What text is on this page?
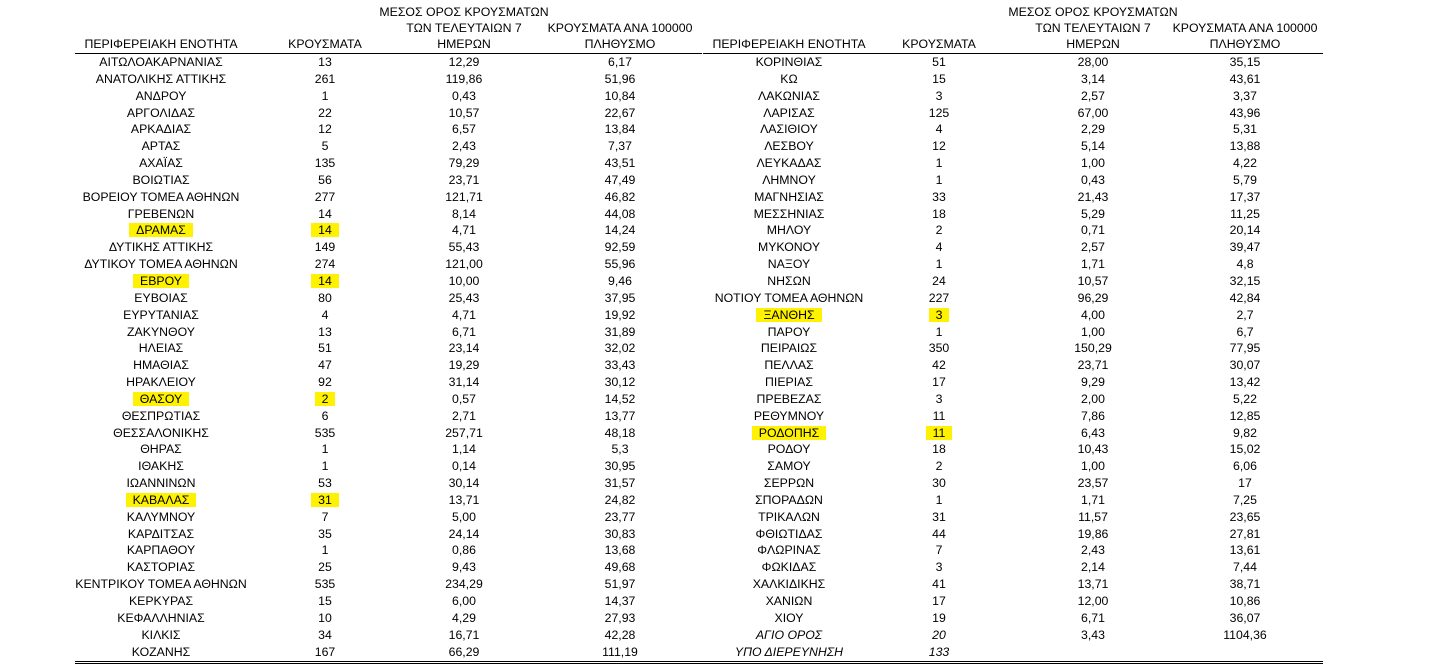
ΠΕΡΙΦΕΡΕΙΑΚΗ ΕΝΟΤΗΤΑ	ΚΡΟΥΣΜΑΤΑ
ΜΕΣΟΣ ΟΡΟΣ ΚΡΟΥΣΜΑΤΩΝ
ΤΩΝ ΤΕΛΕΥΤΑΙΩΝ 7
ΗΜΕΡΩΝ
ΚΡΟΥΣΜΑΤΑ ΑΝΑ 100000
ΠΛΗΘΥΣΜΟ
ΑΙΤΩΛΟΑΚΑΡΝΑΝΙΑΣ	13	12,29	6,17
ΑΝΑΤΟΛΙΚΗΣ ΑΤΤΙΚΗΣ	261	119,86	51,96
ΑΝΔΡΟΥ	1	0,43	10,84
ΑΡΓΟΛΙΔΑΣ	22	10,57	22,67
ΑΡΚΑΔΙΑΣ	12	6,57	13,84
ΑΡΤΑΣ	5	2,43	7,37
ΑΧΑΪΑΣ	135	79,29	43,51
ΒΟΙΩΤΙΑΣ	56	23,71	47,49
ΒΟΡΕΙΟΥ ΤΟΜΕΑ ΑΘΗΝΩΝ	277	121,71	46,82
ΓΡΕΒΕΝΩΝ	14	8,14	44,08
ΔΡΑΜΑΣ	14	4,71	14,24
ΔΥΤΙΚΗΣ ΑΤΤΙΚΗΣ	149	55,43	92,59
ΔΥΤΙΚΟΥ ΤΟΜΕΑ ΑΘΗΝΩΝ	274	121,00	55,96
ΕΒΡΟΥ	14	10,00	9,46
ΕΥΒΟΙΑΣ	80	25,43	37,95
ΕΥΡΥΤΑΝΙΑΣ	4	4,71	19,92
ΖΑΚΥΝΘΟΥ	13	6,71	31,89
ΗΛΕΙΑΣ	51	23,14	32,02
ΗΜΑΘΙΑΣ	47	19,29	33,43
ΗΡΑΚΛΕΙΟΥ	92	31,14	30,12
ΘΑΣΟΥ	2	0,57	14,52
ΘΕΣΠΡΩΤΙΑΣ	6	2,71	13,77
ΘΕΣΣΑΛΟΝΙΚΗΣ	535	257,71	48,18
ΘΗΡΑΣ	1	1,14	5,3
ΙΘΑΚΗΣ	1	0,14	30,95
ΙΩΑΝΝΙΝΩΝ	53	30,14	31,57
ΚΑΒΑΛΑΣ	31	13,71	24,82
ΚΑΛΥΜΝΟΥ	7	5,00	23,77
ΚΑΡΔΙΤΣΑΣ	35	24,14	30,83
ΚΑΡΠΑΘΟΥ	1	0,86	13,68
ΚΑΣΤΟΡΙΑΣ	25	9,43	49,68
ΚΕΝΤΡΙΚΟΥ ΤΟΜΕΑ ΑΘΗΝΩΝ	535	234,29	51,97
ΚΕΡΚΥΡΑΣ	15	6,00	14,37
ΚΕΦΑΛΛΗΝΙΑΣ	10	4,29	27,93
ΚΙΛΚΙΣ	34	16,71	42,28
ΚΟΖΑΝΗΣ	167	66,29	111,19
ΠΕΡΙΦΕΡΕΙΑΚΗ ΕΝΟΤΗΤΑ	ΚΡΟΥΣΜΑΤΑ
ΜΕΣΟΣ ΟΡΟΣ ΚΡΟΥΣΜΑΤΩΝ
ΤΩΝ ΤΕΛΕΥΤΑΙΩΝ 7
ΗΜΕΡΩΝ
ΚΡΟΥΣΜΑΤΑ ΑΝΑ 100000
ΠΛΗΘΥΣΜΟ
ΚΟΡΙΝΘΙΑΣ	51	28,00	35,15
ΚΩ	15	3,14	43,61
ΛΑΚΩΝΙΑΣ	3	2,57	3,37
ΛΑΡΙΣΑΣ	125	67,00	43,96
ΛΑΣΙΘΙΟΥ	4	2,29	5,31
ΛΕΣΒΟΥ	12	5,14	13,88
ΛΕΥΚΑΔΑΣ	1	1,00	4,22
ΛΗΜΝΟΥ	1	0,43	5,79
ΜΑΓΝΗΣΙΑΣ	33	21,43	17,37
ΜΕΣΣΗΝΙΑΣ	18	5,29	11,25
ΜΗΛΟΥ	2	0,71	20,14
ΜΥΚΟΝΟΥ	4	2,57	39,47
ΝΑΞΟΥ	1	1,71	4,8
ΝΗΣΩΝ	24	10,57	32,15
ΝΟΤΙΟΥ ΤΟΜΕΑ ΑΘΗΝΩΝ	227	96,29	42,84
ΞΑΝΘΗΣ	3	4,00	2,7
ΠΑΡΟΥ	1	1,00	6,7
ΠΕΙΡΑΙΩΣ	350	150,29	77,95
ΠΕΛΛΑΣ	42	23,71	30,07
ΠΙΕΡΙΑΣ	17	9,29	13,42
ΠΡΕΒΕΖΑΣ	3	2,00	5,22
ΡΕΘΥΜΝΟΥ	11	7,86	12,85
ΡΟΔΟΠΗΣ	11	6,43	9,82
ΡΟΔΟΥ	18	10,43	15,02
ΣΑΜΟΥ	2	1,00	6,06
ΣΕΡΡΩΝ	30	23,57	17
ΣΠΟΡΑΔΩΝ	1	1,71	7,25
ΤΡΙΚΑΛΩΝ	31	11,57	23,65
ΦΘΙΩΤΙΔΑΣ	44	19,86	27,81
ΦΛΩΡΙΝΑΣ	7	2,43	13,61
ΦΩΚΙΔΑΣ	3	2,14	7,44
ΧΑΛΚΙΔΙΚΗΣ	41	13,71	38,71
ΧΑΝΙΩΝ	17	12,00	10,86
ΧΙΟΥ	19	6,71	36,07
ΑΓΙΟ ΟΡΟΣ	20	3,43	1104,36
ΥΠΟ ΔΙΕΡΕΥΝΗΣΗ	133
